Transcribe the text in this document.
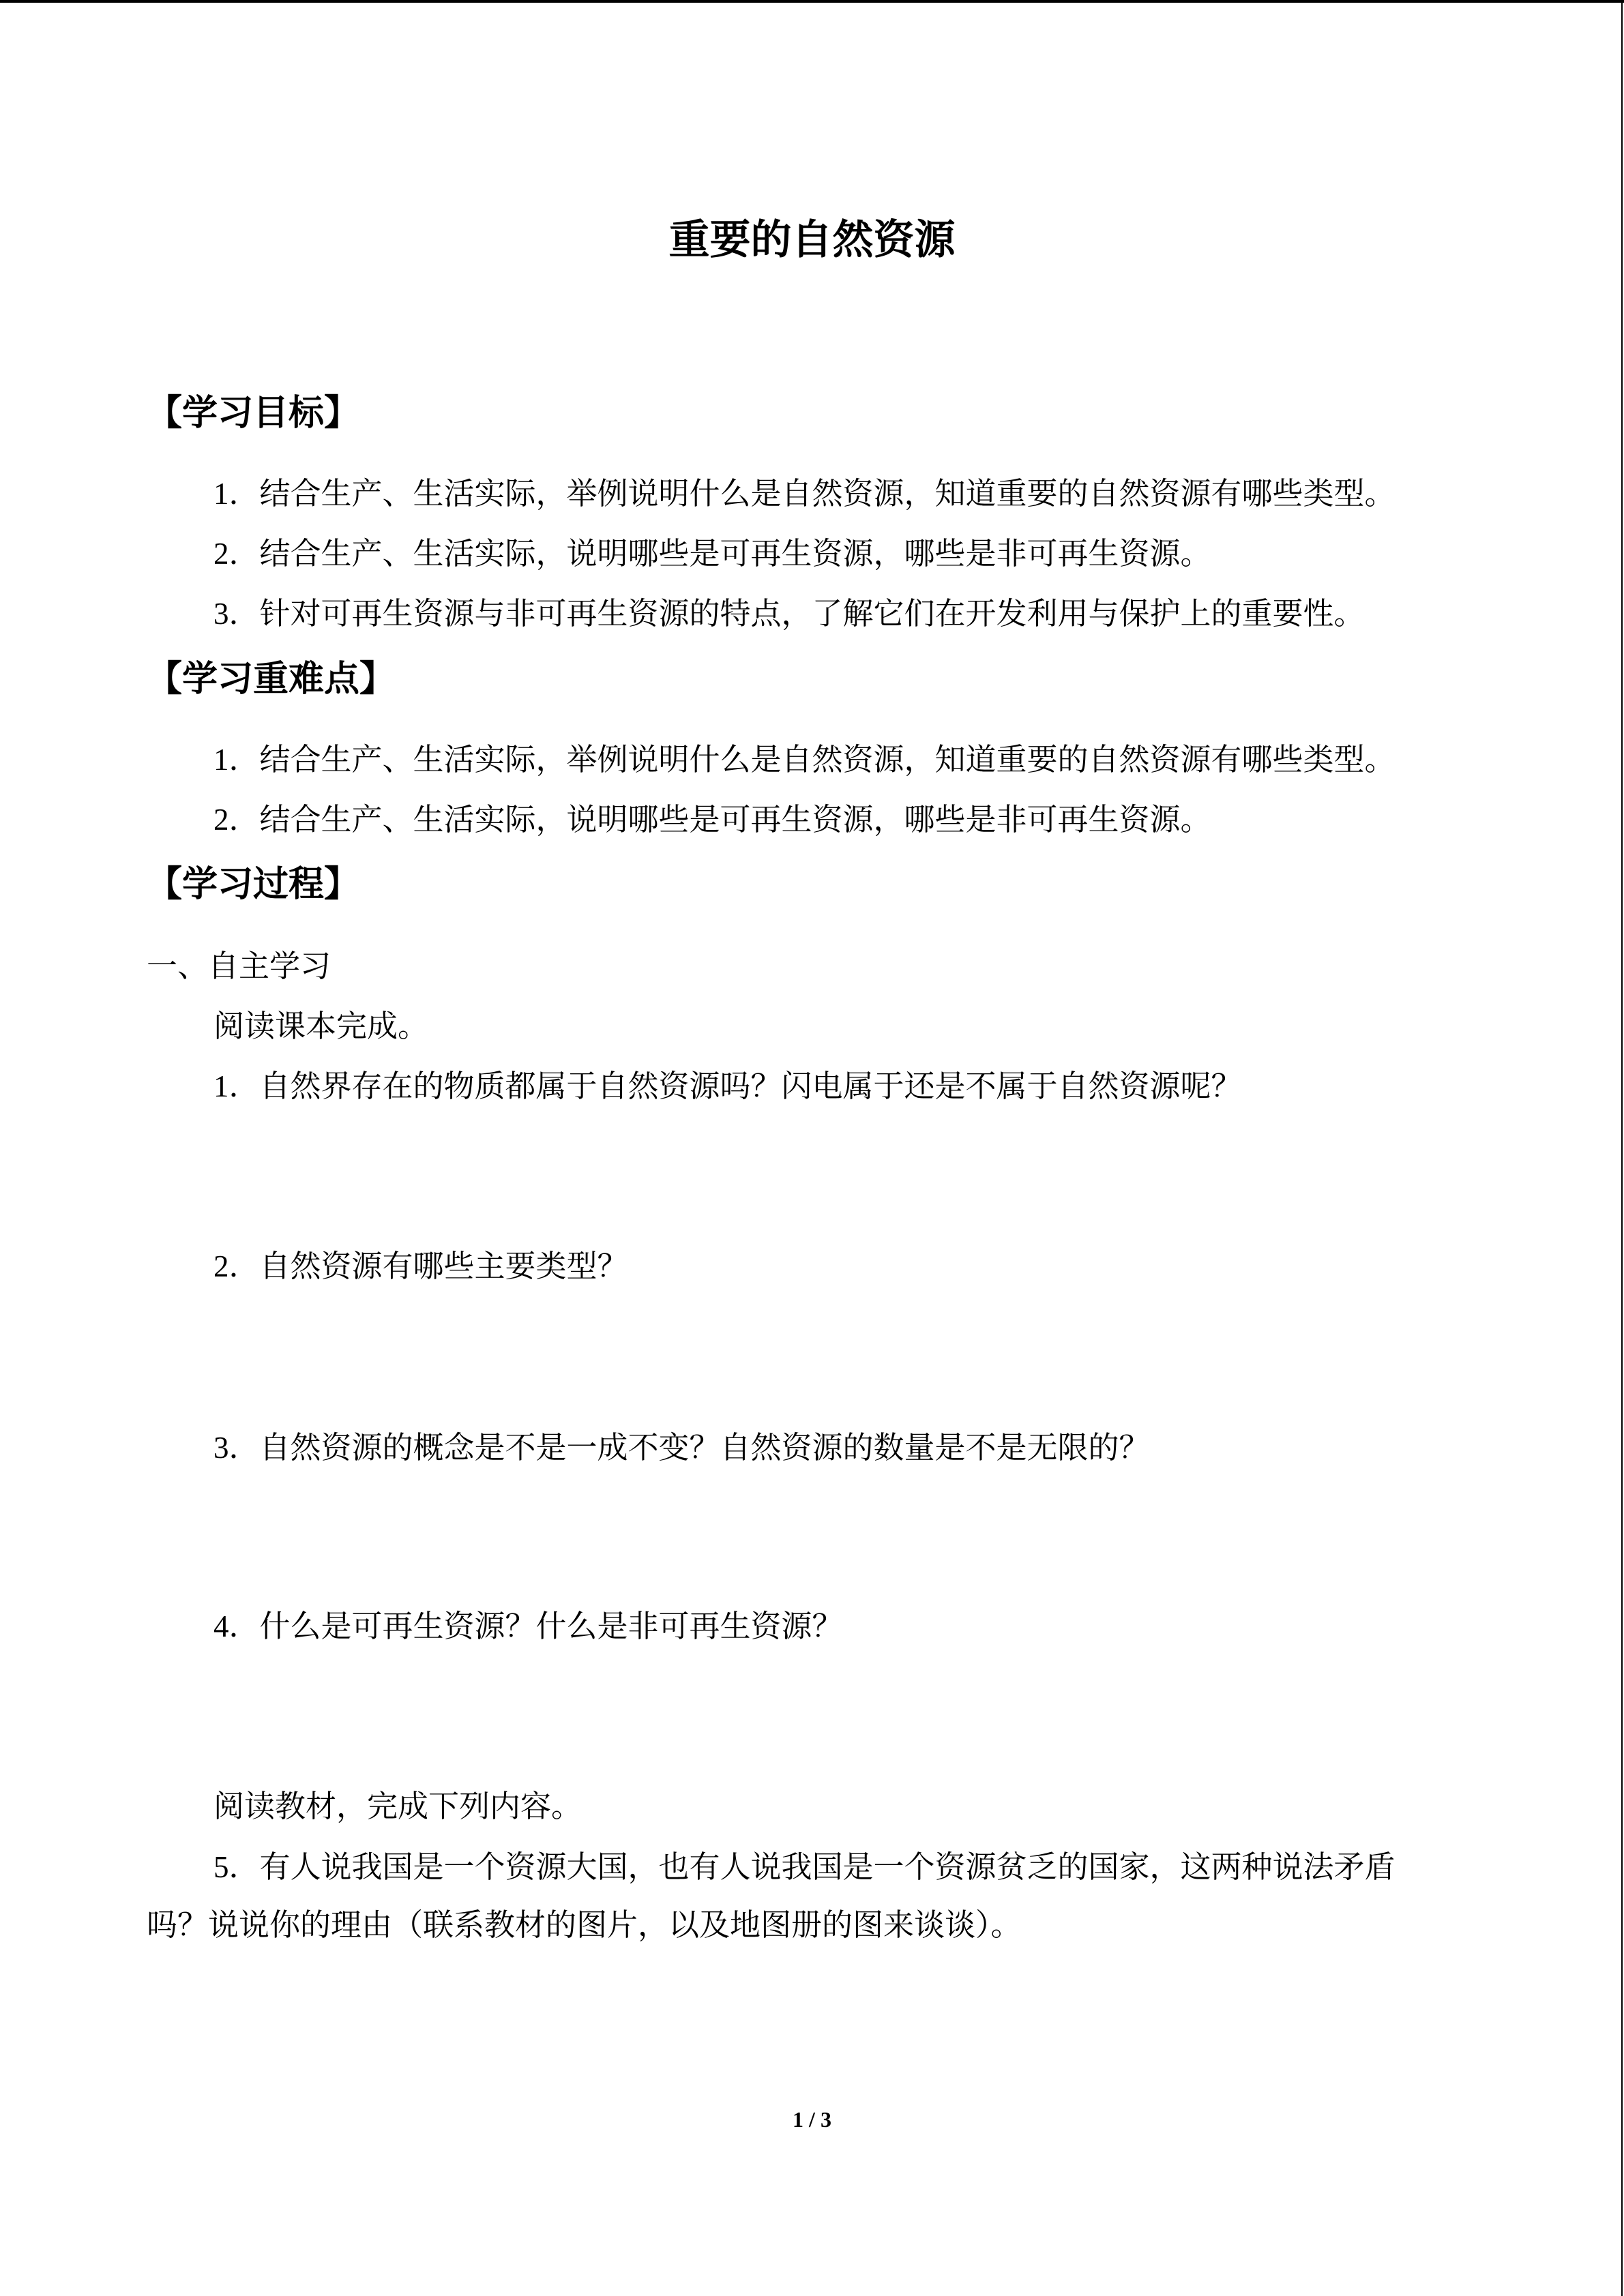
重要的自然资源
【学习目标】
1．结合生产、生活实际，举例说明什么是自然资源，知道重要的自然资源有哪些类型。
2．结合生产、生活实际，说明哪些是可再生资源，哪些是非可再生资源。
3．针对可再生资源与非可再生资源的特点，了解它们在开发利用与保护上的重要性。
【学习重难点】
1．结合生产、生活实际，举例说明什么是自然资源，知道重要的自然资源有哪些类型。
2．结合生产、生活实际，说明哪些是可再生资源，哪些是非可再生资源。
【学习过程】
一、自主学习
阅读课本完成。
1．自然界存在的物质都属于自然资源吗？闪电属于还是不属于自然资源呢？
2．自然资源有哪些主要类型？
3．自然资源的概念是不是一成不变？自然资源的数量是不是无限的？
4．什么是可再生资源？什么是非可再生资源？
阅读教材，完成下列内容。
5．有人说我国是一个资源大国，也有人说我国是一个资源贫乏的国家，这两种说法矛盾
吗？说说你的理由（联系教材的图片，以及地图册的图来谈谈）。
1 / 3
